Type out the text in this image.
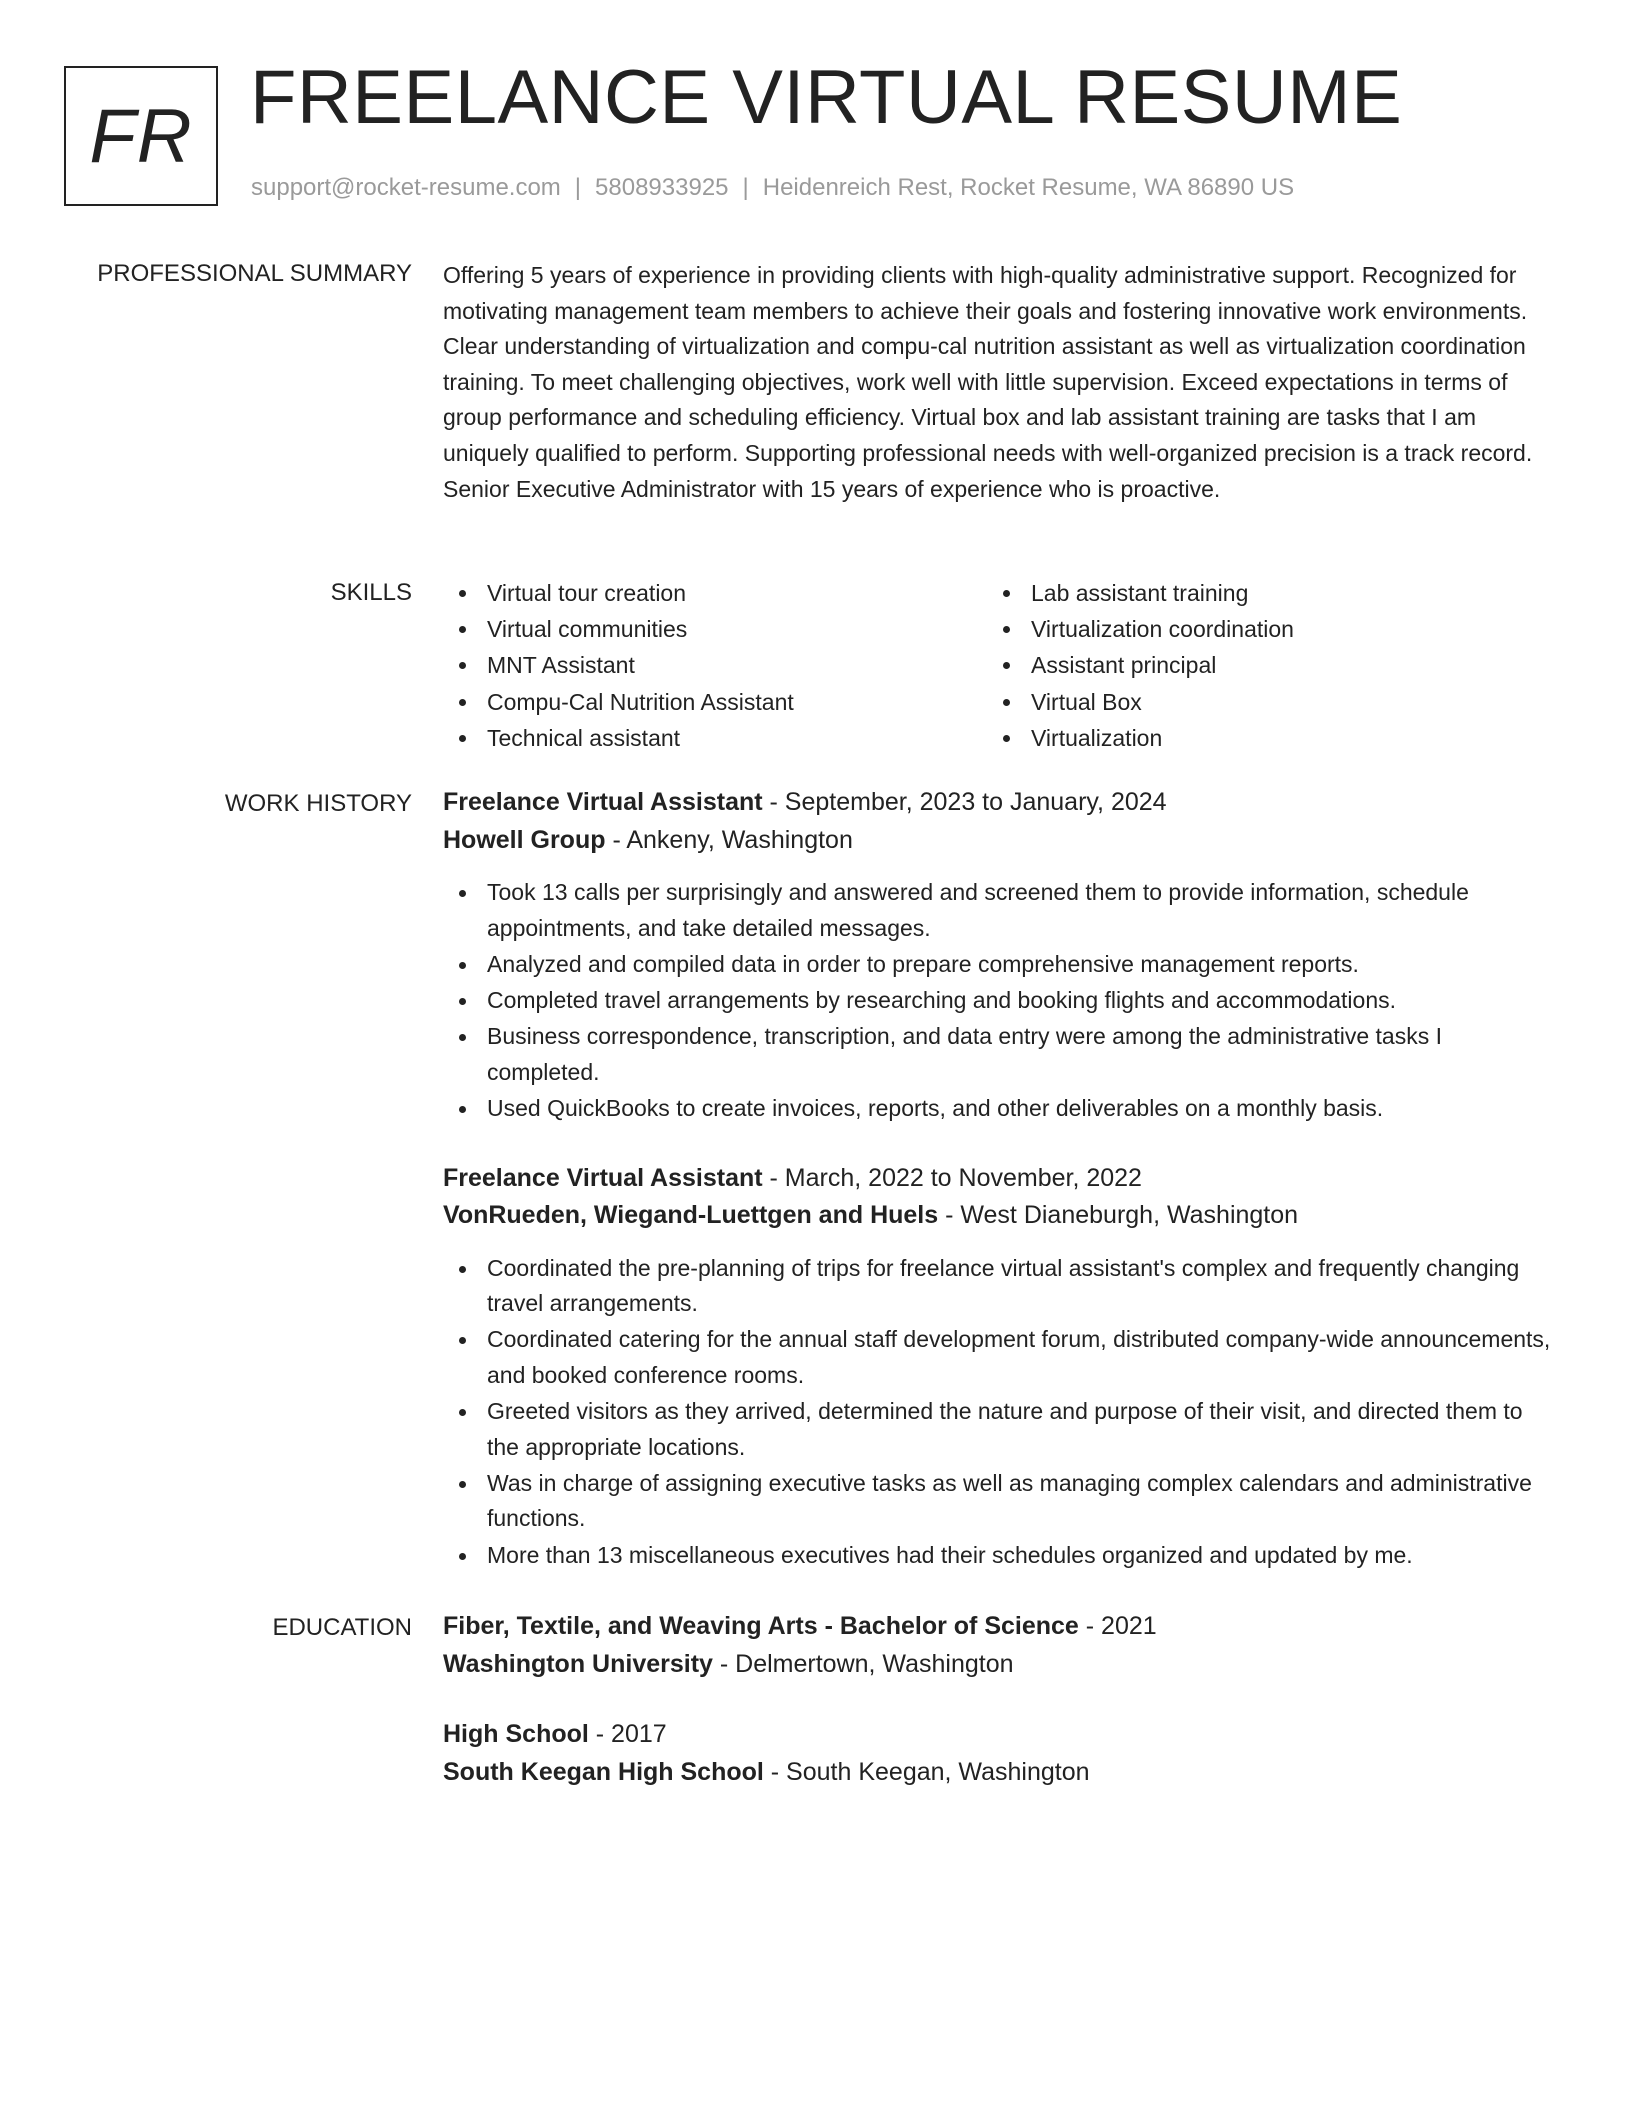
FR FREELANCE VIRTUAL RESUME
support@rocket-resume.com | 5808933925 | Heidenreich Rest, Rocket Resume, WA 86890 US
PROFESSIONAL SUMMARY Offering 5 years of experience in providing clients with high-quality administrative support. Recognized for motivating management team members to achieve their goals and fostering innovative work environments. Clear understanding of virtualization and compu-cal nutrition assistant as well as virtualization coordination training. To meet challenging objectives, work well with little supervision. Exceed expectations in terms of group performance and scheduling efficiency. Virtual box and lab assistant training are tasks that I am uniquely qualified to perform. Supporting professional needs with well-organized precision is a track record. Senior Executive Administrator with 15 years of experience who is proactive.

SKILLS	Virtual tour creation
Virtual communities
MNT Assistant
Compu-Cal Nutrition Assistant
Technical assistant
Lab assistant training
Virtualization coordination
Assistant principal
Virtual Box
Virtualization
WORK HISTORY Freelance Virtual Assistant - September, 2023 to January, 2024
Howell Group - Ankeny, Washington
Took 13 calls per surprisingly and answered and screened them to provide information, schedule appointments, and take detailed messages.
Analyzed and compiled data in order to prepare comprehensive management reports.
Completed travel arrangements by researching and booking flights and accommodations.
Business correspondence, transcription, and data entry were among the administrative tasks I completed.
Used QuickBooks to create invoices, reports, and other deliverables on a monthly basis.
Freelance Virtual Assistant - March, 2022 to November, 2022
VonRueden, Wiegand-Luettgen and Huels - West Dianeburgh, Washington
Coordinated the pre-planning of trips for freelance virtual assistant's complex and frequently changing travel arrangements.
Coordinated catering for the annual staff development forum, distributed company-wide announcements, and booked conference rooms.
Greeted visitors as they arrived, determined the nature and purpose of their visit, and directed them to the appropriate locations.
Was in charge of assigning executive tasks as well as managing complex calendars and administrative functions.
More than 13 miscellaneous executives had their schedules organized and updated by me.
EDUCATION Fiber, Textile, and Weaving Arts - Bachelor of Science - 2021
Washington University - Delmertown, Washington
High School - 2017
South Keegan High School - South Keegan, Washington
